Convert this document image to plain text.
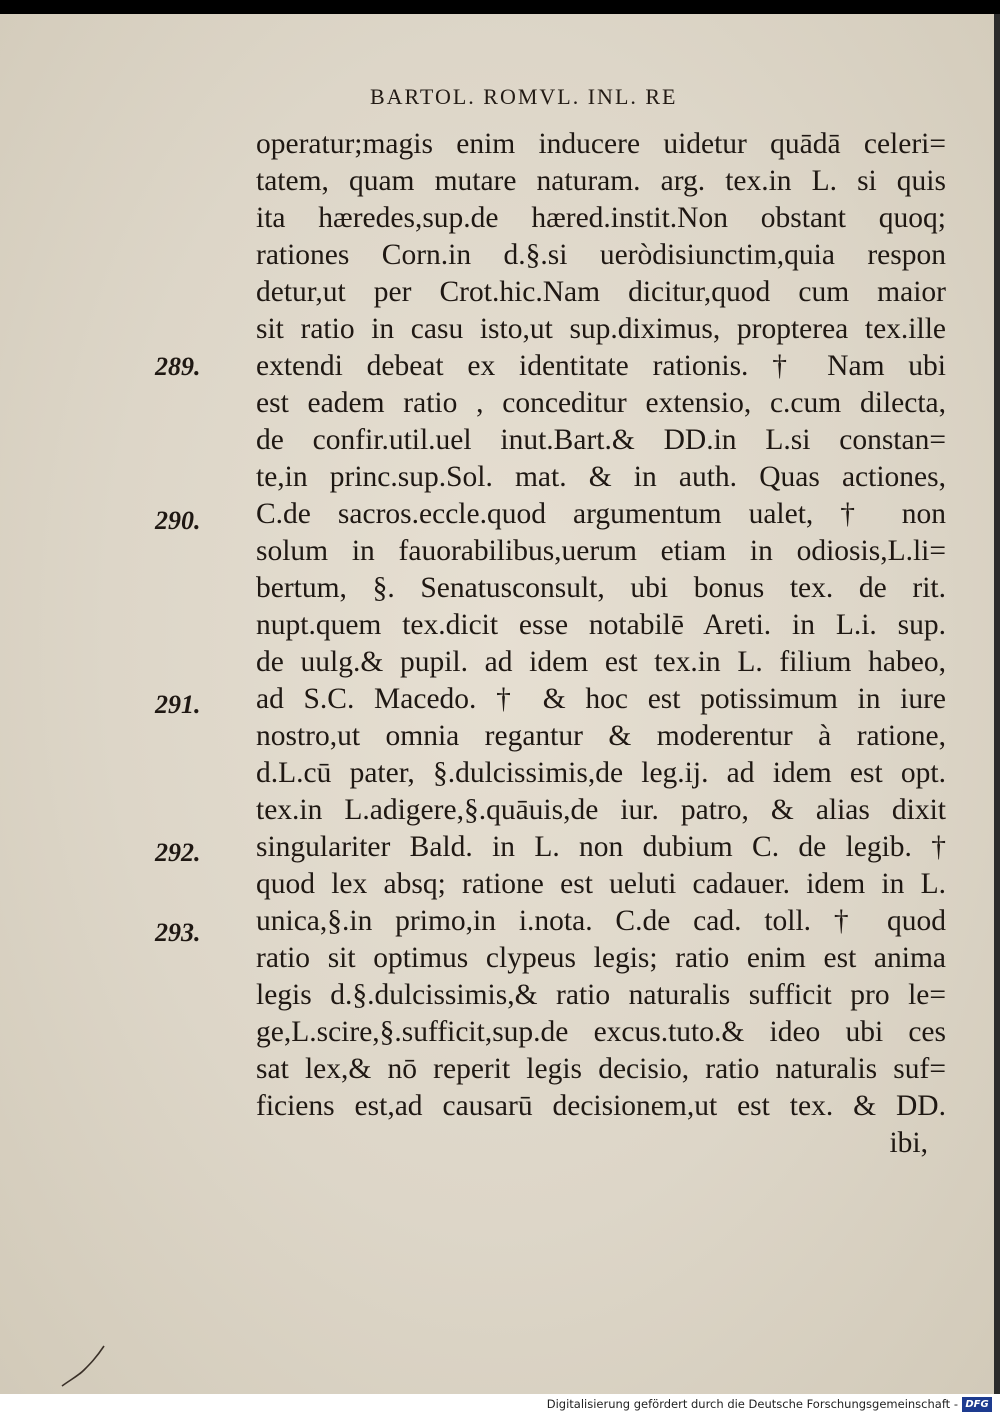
BARTOL. ROMVL. INL. RE
operatur;magis enim inducere uidetur quādā celeri=
tatem, quam mutare naturam. arg. tex.in L. si quis
ita hæredes,sup.de hæred.instit.Non obstant quoq;
rationes Corn.in d.§.si ueròdisiunctim,quia respon
detur,ut per Crot.hic.Nam dicitur,quod cum maior
sit ratio in casu isto,ut sup.diximus, propterea tex.ille
extendi debeat ex identitate rationis. † Nam ubi
est eadem ratio , conceditur extensio, c.cum dilecta,
de confir.util.uel inut.Bart.& DD.in L.si constan=
te,in princ.sup.Sol. mat. & in auth. Quas actiones,
C.de sacros.eccle.quod argumentum ualet, † non
solum in fauorabilibus,uerum etiam in odiosis,L.li=
bertum, §. Senatusconsult, ubi bonus tex. de rit.
nupt.quem tex.dicit esse notabilē Areti. in L.i. sup.
de uulg.& pupil. ad idem est tex.in L. filium habeo,
ad S.C. Macedo. † & hoc est potissimum in iure
nostro,ut omnia regantur & moderentur à ratione,
d.L.cū pater, §.dulcissimis,de leg.ij. ad idem est opt.
tex.in L.adigere,§.quāuis,de iur. patro, & alias dixit
singulariter Bald. in L. non dubium C. de legib. †
quod lex absq; ratione est ueluti cadauer. idem in L.
unica,§.in primo,in i.nota. C.de cad. toll. † quod
ratio sit optimus clypeus legis; ratio enim est anima
legis d.§.dulcissimis,& ratio naturalis sufficit pro le=
ge,L.scire,§.sufficit,sup.de excus.tuto.& ideo ubi ces
sat lex,& nō reperit legis decisio, ratio naturalis suf=
ficiens est,ad causarū decisionem,ut est tex. & DD.
ibi,
289.
290.
291.
292.
293.
Digitalisierung gefördert durch die Deutsche Forschungsgemeinschaft - DFG
